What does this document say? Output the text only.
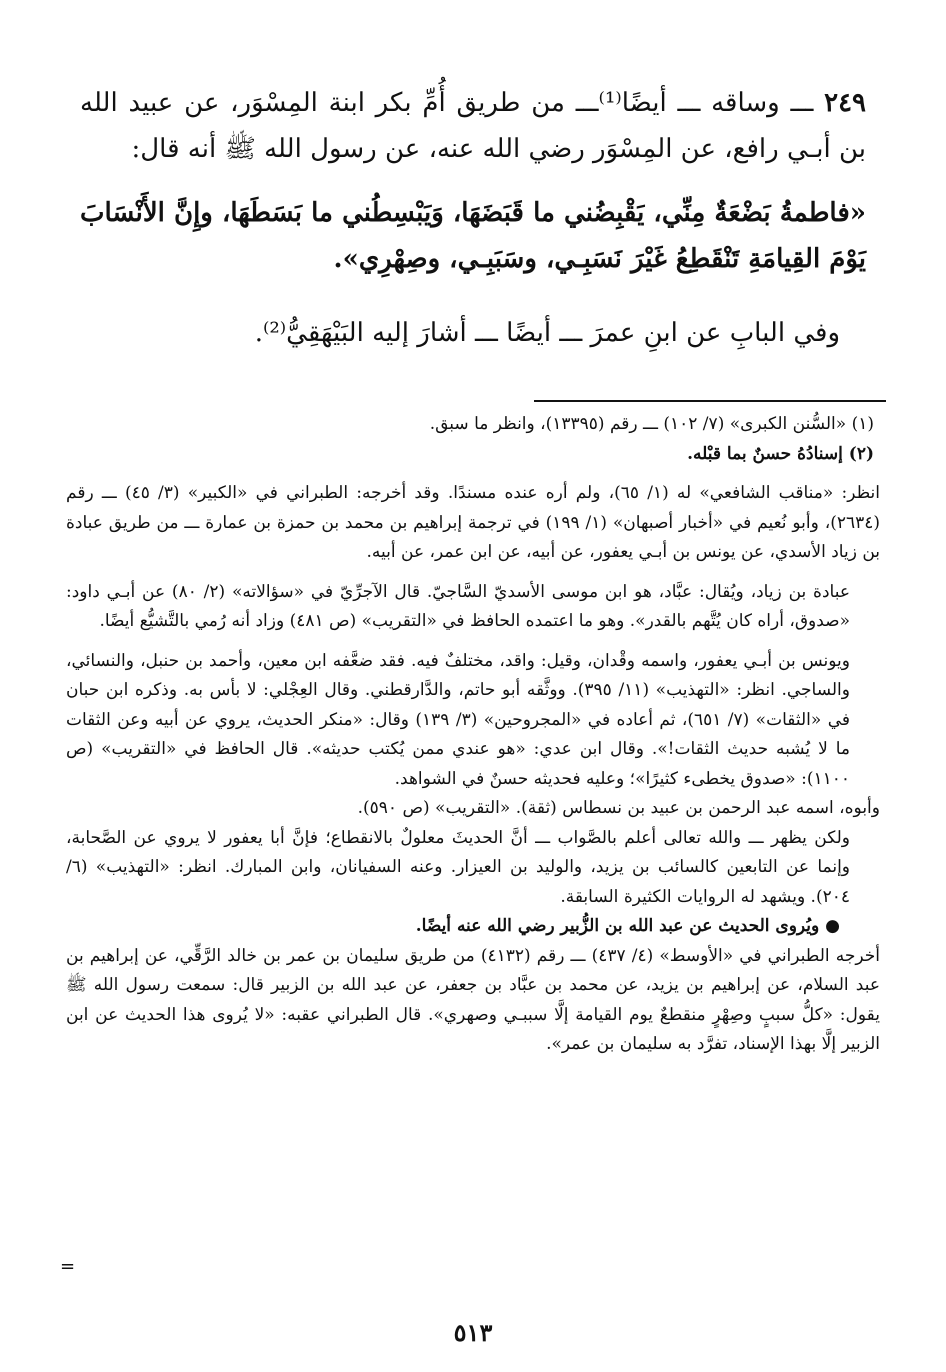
٢٤٩ ـــ وساقه ـــ أيضًا⁽¹⁾ـــ من طريق أُمِّ بكر ابنة المِسْوَر، عن عبيد الله بن أبـي رافع، عن المِسْوَر رضي الله عنه، عن رسول الله ﷺ أنه قال:

«فاطمةُ بَضْعَةٌ مِنِّي، يَقْبِضُني ما قَبَضَهَا، وَيَبْسِطُني ما بَسَطَهَا، وإِنَّ الأَنْسَابَ يَوْمَ القِيامَةِ تَنْقَطِعُ غَيْرَ نَسَبِـي، وسَبَبِـي، وصِهْرِي».

وفي البابِ عن ابنِ عمرَ ـــ أيضًا ـــ أشارَ إليه البَيْهَقِيُّ⁽²⁾.

(١) «السُّنن الكبرى» (٧/ ١٠٢) ـــ رقم (١٣٣٩٥)، وانظر ما سبق.

(٢) إسنادُهُ حسنٌ بما قبْله.

انظر: «مناقب الشافعي» له (١/ ٦٥)، ولم أره عنده مسندًا. وقد أخرجه: الطبراني في «الكبير» (٣/ ٤٥) ـــ رقم (٢٦٣٤)، وأبو نُعيم في «أخبار أصبهان» (١/ ١٩٩) في ترجمة إبراهيم بن محمد بن حمزة بن عمارة ـــ من طريق عبادة بن زياد الأسدي، عن يونس بن أبـي يعفور، عن أبيه، عن ابن عمر، عن أبيه.

عبادة بن زياد، ويُقال: عبَّاد، هو ابن موسى الأسديّ السَّاجيّ. قال الآجرِّيّ في «سؤالاته» (٢/ ٨٠) عن أبـي داود: «صدوق، أراه كان يُتَّهم بالقدر». وهو ما اعتمده الحافظ في «التقريب» (ص ٤٨١) وزاد أنه رُمي بالتَّشيُّع أيضًا.

ويونس بن أبـي يعفور، واسمه وقْدان، وقيل: واقد، مختلفٌ فيه. فقد ضعَّفه ابن معين، وأحمد بن حنبل، والنسائي، والساجي. انظر: «التهذيب» (١١/ ٣٩٥). ووثَّقه أبو حاتم، والدَّارقطني. وقال العِجْلي: لا بأس به. وذكره ابن حبان في «الثقات» (٧/ ٦٥١)، ثم أعاده في «المجروحين» (٣/ ١٣٩) وقال: «منكر الحديث، يروي عن أبيه وعن الثقات ما لا يُشبه حديث الثقات!». وقال ابن عدي: «هو عندي ممن يُكتب حديثه». قال الحافظ في «التقريب» (ص ١١٠٠): «صدوق يخطىء كثيرًا»؛ وعليه فحديثه حسنٌ في الشواهد.

وأبوه، اسمه عبد الرحمن بن عبيد بن نسطاس (ثقة). «التقريب» (ص ٥٩٠).

ولكن يظهر ـــ والله تعالى أعلم بالصَّواب ـــ أنَّ الحديثَ معلولٌ بالانقطاع؛ فإنَّ أبا يعفور لا يروي عن الصَّحابة، وإنما عن التابعين كالسائب بن يزيد، والوليد بن العيزار. وعنه السفيانان، وابن المبارك. انظر: «التهذيب» (٦/ ٢٠٤). ويشهد له الروايات الكثيرة السابقة.

● ويُروى الحديث عن عبد الله بن الزُّبير رضي الله عنه أيضًا.

أخرجه الطبراني في «الأوسط» (٤/ ٤٣٧) ـــ رقم (٤١٣٢) من طريق سليمان بن عمر بن خالد الرَّقِّي، عن إبراهيم بن عبد السلام، عن إبراهيم بن يزيد، عن محمد بن عبَّاد بن جعفر، عن عبد الله بن الزبير قال: سمعت رسول الله ﷺ يقول: «كلُّ سببٍ وصِهْرٍ منقطعٌ يوم القيامة إلَّا سببـي وصهري». قال الطبراني عقبه: «لا يُروى هذا الحديث عن ابن الزبير إلَّا بهذا الإسناد، تفرَّد به سليمان بن عمر».

=
٥١٣
